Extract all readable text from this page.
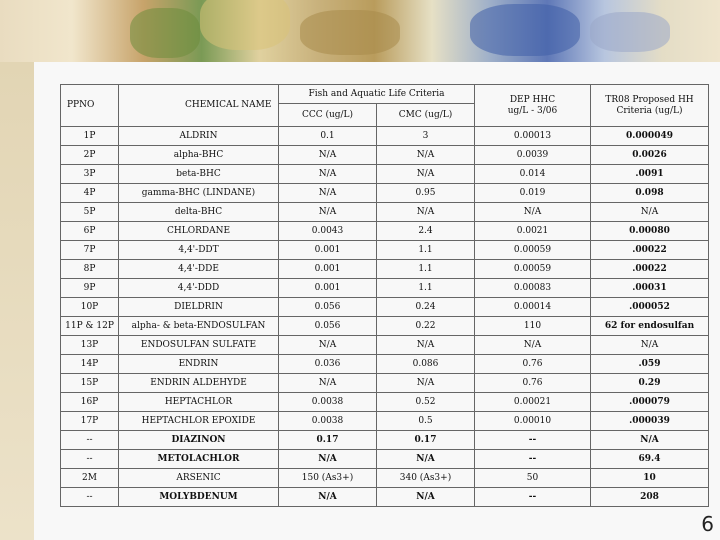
PPNO	CHEMICAL NAME	Fish and Aquatic Life Criteria		DEP HHC
ug/L - 3/06	TR08 Proposed HH
Criteria (ug/L)
		CCC (ug/L)	CMC (ug/L)		
1P	ALDRIN	0.1	3	0.00013	0.000049
2P	alpha-BHC	N/A	N/A	0.0039	0.0026
3P	beta-BHC	N/A	N/A	0.014	.0091
4P	gamma-BHC (LINDANE)	N/A	0.95	0.019	0.098
5P	delta-BHC	N/A	N/A	N/A	N/A
6P	CHLORDANE	0.0043	2.4	0.0021	0.00080
7P	4,4'-DDT	0.001	1.1	0.00059	.00022
8P	4,4'-DDE	0.001	1.1	0.00059	.00022
9P	4,4'-DDD	0.001	1.1	0.00083	.00031
10P	DIELDRIN	0.056	0.24	0.00014	.000052
11P & 12P	alpha- & beta-ENDOSULFAN	0.056	0.22	110	62 for endosulfan
13P	ENDOSULFAN SULFATE	N/A	N/A	N/A	N/A
14P	ENDRIN	0.036	0.086	0.76	.059
15P	ENDRIN ALDEHYDE	N/A	N/A	0.76	0.29
16P	HEPTACHLOR	0.0038	0.52	0.00021	.000079
17P	HEPTACHLOR EPOXIDE	0.0038	0.5	0.00010	.000039
--	DIAZINON	0.17	0.17	--	N/A
--	METOLACHLOR	N/A	N/A	--	69.4
2M	ARSENIC	150 (As3+)	340 (As3+)	50	10
--	MOLYBDENUM	N/A	N/A	--	208
6
